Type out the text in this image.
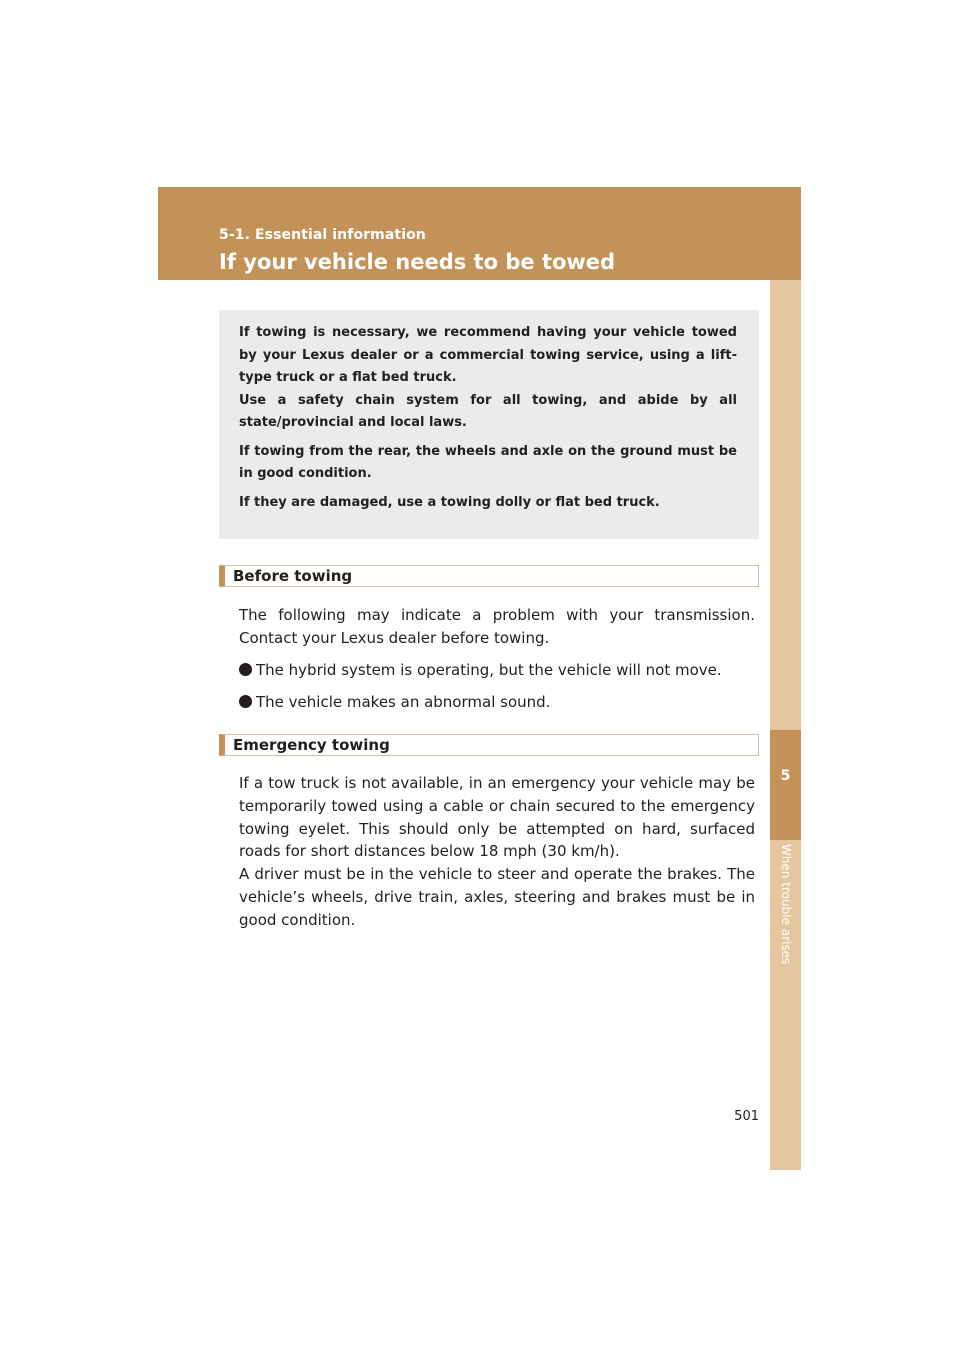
5-1. Essential information
If your vehicle needs to be towed
5
When trouble arises

If towing is necessary, we recommend having your vehicle towed by your Lexus dealer or a commercial towing service, using a lift-type truck or a flat bed truck.

Use a safety chain system for all towing, and abide by all state/provincial and local laws.

If towing from the rear, the wheels and axle on the ground must be in good condition.

If they are damaged, use a towing dolly or flat bed truck.

Before towing

The following may indicate a problem with your transmission. Contact your Lexus dealer before towing.

The hybrid system is operating, but the vehicle will not move.
The vehicle makes an abnormal sound.
Emergency towing

If a tow truck is not available, in an emergency your vehicle may be temporarily towed using a cable or chain secured to the emergency towing eyelet. This should only be attempted on hard, surfaced roads for short distances below 18 mph (30 km/h).

A driver must be in the vehicle to steer and operate the brakes. The vehicle’s wheels, drive train, axles, steering and brakes must be in good condition.

501
